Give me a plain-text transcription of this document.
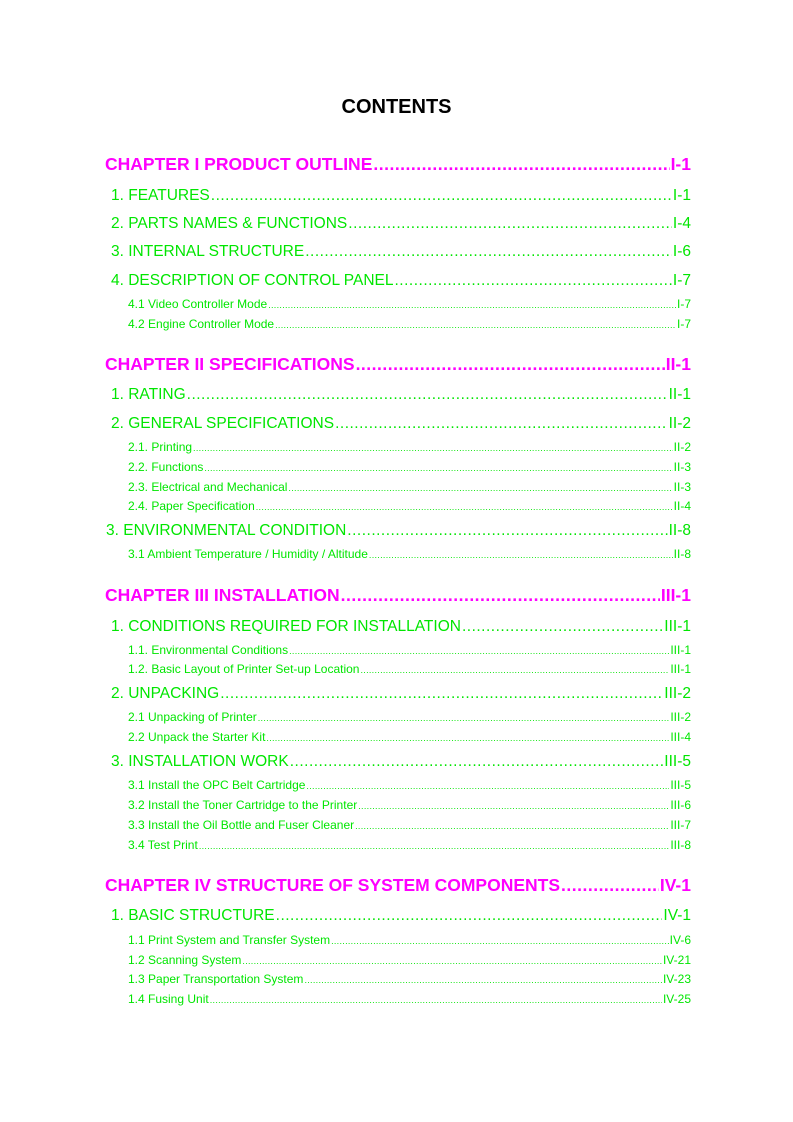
CONTENTS
CHAPTER I PRODUCT OUTLINE .....	I-1
1. FEATURES .....	I-1
2. PARTS NAMES & FUNCTIONS .....	I-4
3. INTERNAL STRUCTURE .....	I-6
4. DESCRIPTION OF CONTROL PANEL .....	I-7
4.1 Video Controller Mode .....	I-7
4.2 Engine Controller Mode .....	I-7
CHAPTER II SPECIFICATIONS .....	II-1
1. RATING .....	II-1
2. GENERAL SPECIFICATIONS .....	II-2
2.1. Printing .....	II-2
2.2. Functions .....	II-3
2.3. Electrical and Mechanical .....	II-3
2.4. Paper Specification .....	II-4
3. ENVIRONMENTAL CONDITION .....	II-8
3.1 Ambient Temperature / Humidity / Altitude .....	II-8
CHAPTER III INSTALLATION .....	III-1
1. CONDITIONS REQUIRED FOR INSTALLATION .....	III-1
1.1. Environmental Conditions .....	III-1
1.2. Basic Layout of Printer Set-up Location .....	III-1
2. UNPACKING .....	III-2
2.1 Unpacking of Printer .....	III-2
2.2 Unpack the Starter Kit .....	III-4
3. INSTALLATION WORK .....	III-5
3.1 Install the OPC Belt Cartridge .....	III-5
3.2 Install the Toner Cartridge to the Printer .....	III-6
3.3 Install the Oil Bottle and Fuser Cleaner .....	III-7
3.4 Test Print .....	III-8
CHAPTER IV STRUCTURE OF SYSTEM COMPONENTS .....	IV-1
1. BASIC STRUCTURE .....	IV-1
1.1 Print System and Transfer System .....	IV-6
1.2 Scanning System .....	IV-21
1.3 Paper Transportation System .....	IV-23
1.4 Fusing Unit .....	IV-25
